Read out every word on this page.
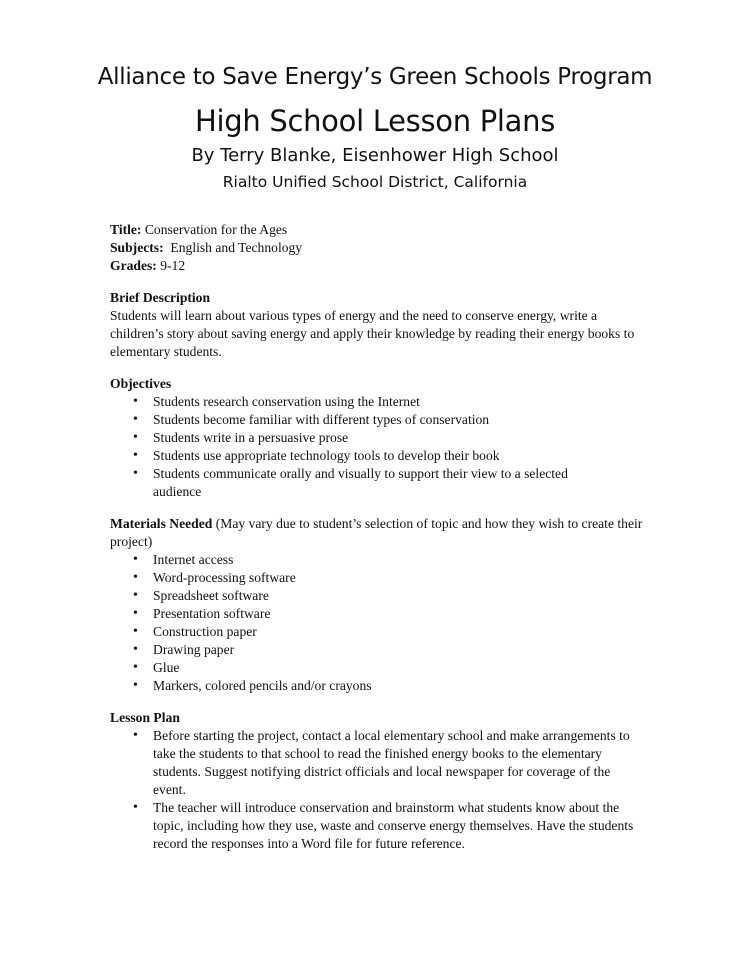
Alliance to Save Energy’s Green Schools Program
High School Lesson Plans
By Terry Blanke, Eisenhower High School
Rialto Unified School District, California

Title: Conservation for the Ages

Subjects:  English and Technology

Grades: 9-12

Brief Description

Students will learn about various types of energy and the need to conserve energy, write a children’s story about saving energy and apply their knowledge by reading their energy books to elementary students.

Objectives

• Students research conservation using the Internet
• Students become familiar with different types of conservation
• Students write in a persuasive prose
• Students use appropriate technology tools to develop their book
• Students communicate orally and visually to support their view to a selected audience

Materials Needed (May vary due to student’s selection of topic and how they wish to create their project)

• Internet access
• Word-processing software
• Spreadsheet software
• Presentation software
• Construction paper
• Drawing paper
• Glue
• Markers, colored pencils and/or crayons

Lesson Plan

• Before starting the project, contact a local elementary school and make arrangements to take the students to that school to read the finished energy books to the elementary students. Suggest notifying district officials and local newspaper for coverage of the event.
• The teacher will introduce conservation and brainstorm what students know about the topic, including how they use, waste and conserve energy themselves. Have the students record the responses into a Word file for future reference.
